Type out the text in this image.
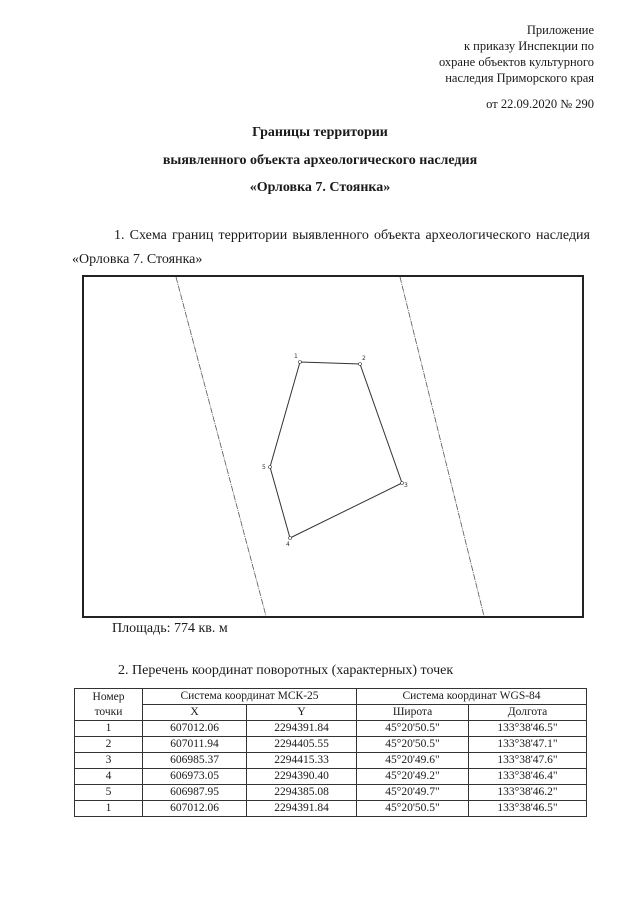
Приложение
к приказу Инспекции по
охране объектов культурного
наследия Приморского края
от 22.09.2020 № 290
Границы территории
выявленного объекта археологического наследия
«Орловка 7. Стоянка»
1. Схема границ территории выявленного объекта археологического наследия «Орловка 7. Стоянка»
1	2
3
4
5
Площадь: 774 кв. м
2. Перечень координат поворотных (характерных) точек
Номер
точки	Система координат МСК-25		Система координат WGS-84	
	X	Y	Широта	Долгота
1	607012.06	2294391.84	45°20'50.5"	133°38'46.5"
2	607011.94	2294405.55	45°20'50.5"	133°38'47.1"
3	606985.37	2294415.33	45°20'49.6"	133°38'47.6"
4	606973.05	2294390.40	45°20'49.2"	133°38'46.4"
5	606987.95	2294385.08	45°20'49.7"	133°38'46.2"
1	607012.06	2294391.84	45°20'50.5"	133°38'46.5"
